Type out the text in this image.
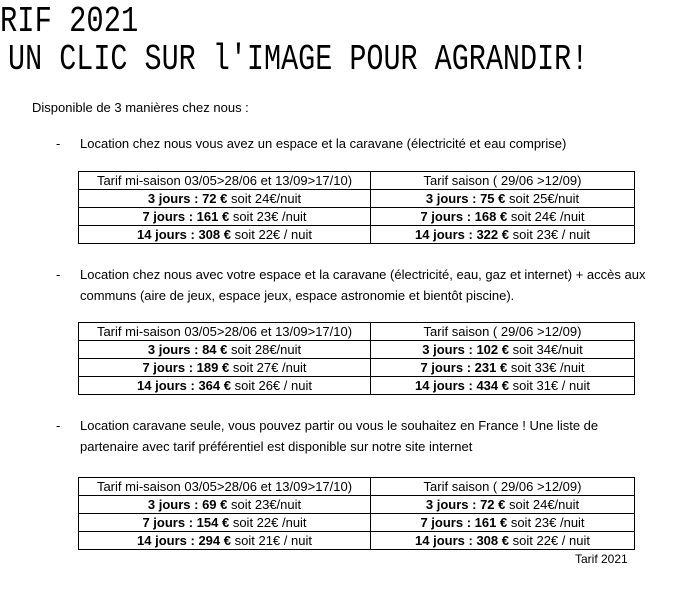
RIF 2021
UN CLIC SUR l'IMAGE POUR AGRANDIR!
Disponible de 3 manières chez nous :
-	Location chez nous vous avez un espace et la caravane (électricité et eau comprise)
Tarif mi-saison 03/05>28/06 et 13/09>17/10)	Tarif saison ( 29/06 >12/09)
3 jours : 72 € soit 24€/nuit	3 jours : 75 € soit 25€/nuit
7 jours : 161 € soit 23€ /nuit	7 jours : 168 € soit 24€ /nuit
14 jours : 308 € soit 22€ / nuit	14 jours : 322 € soit 23€ / nuit
-	Location chez nous avec votre espace et la caravane (électricité, eau, gaz et internet) + accès aux communs (aire de jeux, espace jeux, espace astronomie et bientôt piscine).
Tarif mi-saison 03/05>28/06 et 13/09>17/10)	Tarif saison ( 29/06 >12/09)
3 jours : 84 € soit 28€/nuit	3 jours : 102 € soit 34€/nuit
7 jours : 189 € soit 27€ /nuit	7 jours : 231 € soit 33€ /nuit
14 jours : 364 € soit 26€ / nuit	14 jours : 434 € soit 31€ / nuit
-	Location caravane seule, vous pouvez partir ou vous le souhaitez en France ! Une liste de partenaire avec tarif préférentiel est disponible sur notre site internet
Tarif mi-saison 03/05>28/06 et 13/09>17/10)	Tarif saison ( 29/06 >12/09)
3 jours : 69 € soit 23€/nuit	3 jours : 72 € soit 24€/nuit
7 jours : 154 € soit 22€ /nuit	7 jours : 161 € soit 23€ /nuit
14 jours : 294 € soit 21€ / nuit	14 jours : 308 € soit 22€ / nuit
Tarif 2021
